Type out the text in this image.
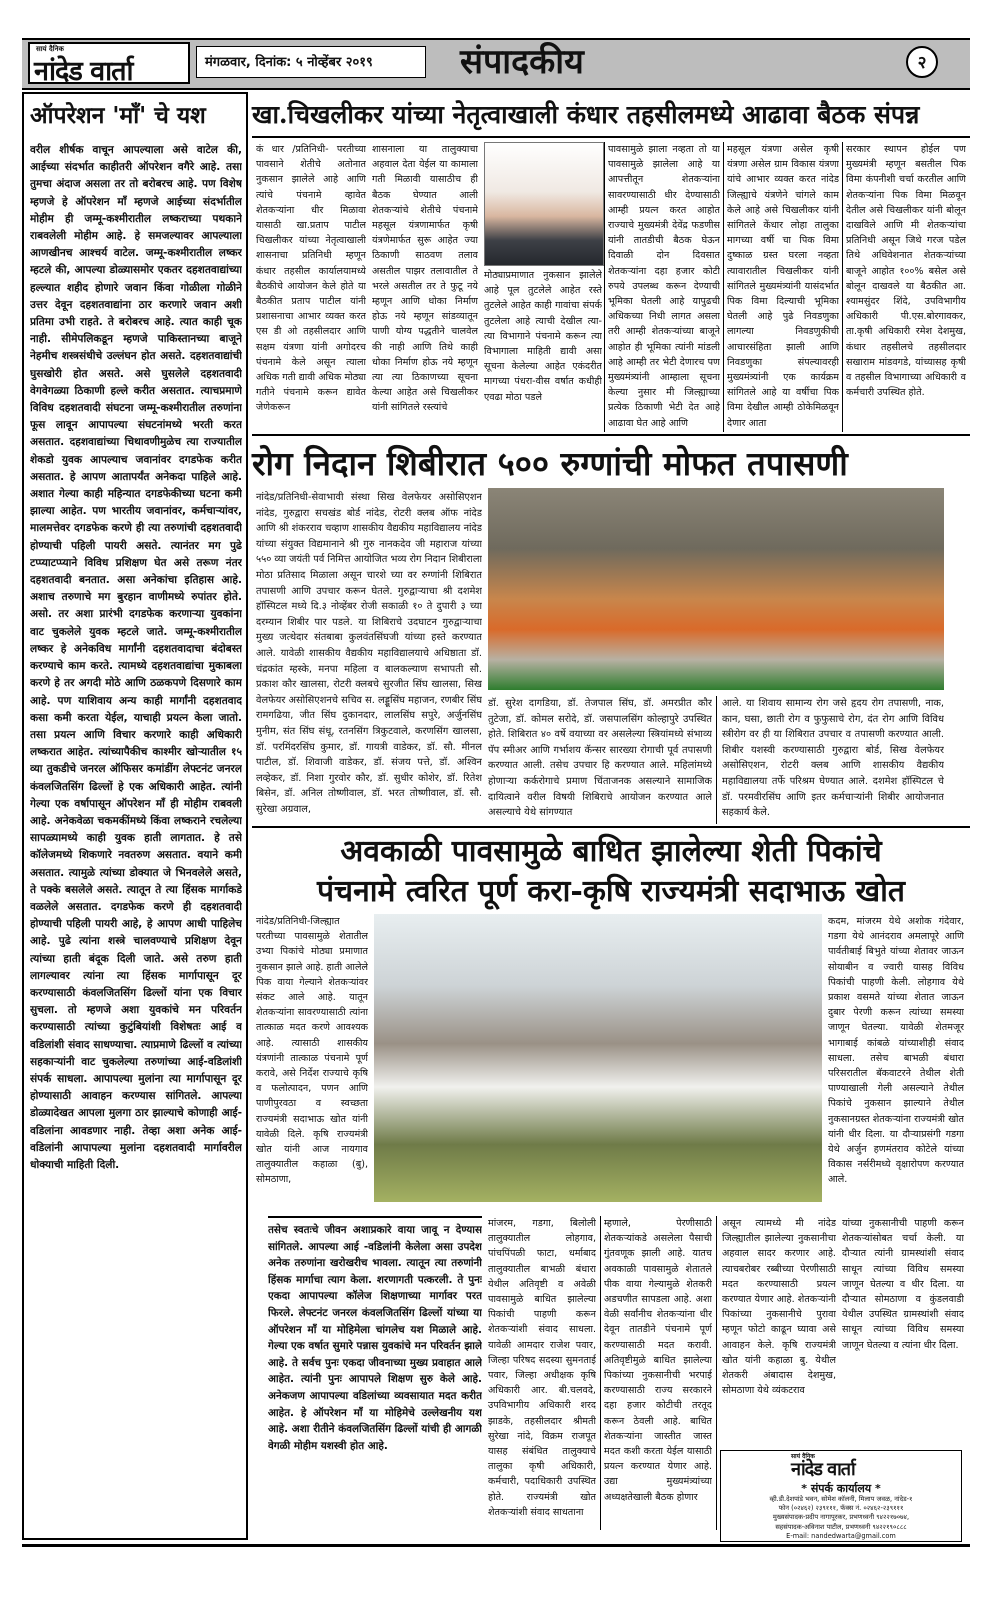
सायं दैनिक
नांदेड वार्ता	मंगळवार, दिनांक: ५ नोव्हेंबर २०१९	संपादकीय	२
ऑपरेशन 'माँ' चे यश
वरील शीर्षक वाचून आपल्याला असे वाटेल की, आईच्या संदर्भात काहीतरी ऑपरेशन वगैरे आहे. तसा तुमचा अंदाज असला तर तो बरोबरच आहे. पण विशेष म्हणजे हे ऑपरेशन माँ म्हणजे आईच्या संदर्भातील मोहीम ही जम्मू-कश्मीरातील लष्कराच्या पथकाने राबवलेली मोहीम आहे. हे समजल्यावर आपल्याला आणखीनच आश्चर्य वाटेल. जम्मू-कश्मीरातील लष्कर म्हटले की, आपल्या डोळ्यासमोर एकतर दहशतवाद्यांच्या हल्ल्यात शहीद होणारे जवान किंवा गोळीला गोळीने उत्तर देवून दहशतवाद्यांना ठार करणारे जवान अशी प्रतिमा उभी राहते. ते बरोबरच आहे. त्यात काही चूक नाही. सीमेपलिकडून म्हणजे पाकिस्तानच्या बाजूने नेहमीच शस्त्रसंधीचे उल्लंघन होत असते. दहशतवाद्यांची घुसखोरी होत असते. असे घुसलेले दहशतवादी वेगवेगळ्या ठिकाणी हल्ले करीत असतात. त्याचप्रमाणे विविध दहशतवादी संघटना जम्मू-कश्मीरातील तरुणांना फूस लावून आपापल्या संघटनांमध्ये भरती करत असतात. दहशवाद्यांच्या चिथावणीमुळेच त्या राज्यातील शेकडो युवक आपल्याच जवानांवर दगडफेक करीत असतात. हे आपण आतापर्यंत अनेकदा पाहिले आहे. अशात गेल्या काही महिन्यात दगडफेकीच्या घटना कमी झाल्या आहेत. पण भारतीय जवानांवर, कर्मचाऱ्यांवर, मालमत्तेवर दगडफेक करणे ही त्या तरुणांची दहशतवादी होण्याची पहिली पायरी असते. त्यानंतर मग पुढे टप्प्याटप्प्याने विविध प्रशिक्षण घेत असे तरूण नंतर दहशतवादी बनतात. असा अनेकांचा इतिहास आहे. अशाच तरुणाचे मग बुरहान वाणीमध्ये रुपांतर होते. असो. तर अशा प्रारंभी दगडफेक करणाऱ्या युवकांना वाट चुकलेले युवक म्हटले जाते. जम्मू-कश्मीरातील लष्कर हे अनेकविध मार्गांनी दहशतवादाचा बंदोबस्त करण्याचे काम करते. त्यामध्ये दहशतवाद्यांचा मुकाबला करणे हे तर अगदी मोठे आणि ठळकपणे दिसणारे काम आहे. पण याशिवाय अन्य काही मार्गांनी दहशतवाद कसा कमी करता येईल, याचाही प्रयत्न केला जातो. तसा प्रयत्न आणि विचार करणारे काही अधिकारी लष्करात आहेत. त्यांच्यापैकीच काश्मीर खोऱ्यातील १५ व्या तुकडीचे जनरल ऑफिसर कमांडींग लेफ्टनंट जनरल कंवलजितसिंग ढिल्लों हे एक अधिकारी आहेत. त्यांनी गेल्या एक वर्षापासून ऑपरेशन माँ ही मोहीम राबवली आहे. अनेकवेळा चकमकींमध्ये किंवा लष्कराने रचलेल्या सापळ्यामध्ये काही युवक हाती लागतात. हे तसे कॉलेजमध्ये शिकणारे नवतरुण असतात. वयाने कमी असतात. त्यामुळे त्यांच्या डोक्यात जे भिनवलेले असते, ते पक्के बसलेले असते. त्यातून ते त्या हिंसक मार्गाकडे वळलेले असतात. दगडफेक करणे ही दहशतवादी होण्याची पहिली पायरी आहे, हे आपण आधी पाहिलेच आहे. पुढे त्यांना शस्त्रे चालवण्याचे प्रशिक्षण देवून त्यांच्या हाती बंदूक दिली जाते. असे तरुण हाती लागल्यावर त्यांना त्या हिंसक मार्गापासून दूर करण्यासाठी कंवलजितसिंग ढिल्लों यांना एक विचार सुचला. तो म्हणजे अशा युवकांचे मन परिवर्तन करण्यासाठी त्यांच्या कुटुंबियांशी विशेषतः आई व वडिलांशी संवाद साधण्याचा. त्याप्रमाणे ढिल्लों व त्यांच्या सहकाऱ्यांनी वाट चुकलेल्या तरुणांच्या आई-वडिलांशी संपर्क साधला. आपापल्या मुलांना त्या मार्गापासून दूर होण्यासाठी आवाहन करण्यास सांगितले. आपल्या डोळ्यादेखत आपला मुलगा ठार झाल्याचे कोणाही आई-वडिलांना आवडणार नाही. तेव्हा अशा अनेक आई-वडिलांनी आपापल्या मुलांना दहशतवादी मार्गावरील धोक्याची माहिती दिली.
खा.चिखलीकर यांच्या नेतृत्वाखाली कंधार तहसीलमध्ये आढावा बैठक संपन्न
कं धार /प्रतिनिधी- परतीच्या पावसाने शेतीचे अतोनात नुकसान झालेले आहे आणि त्यांचे पंचनामे व्हावेत शेतकऱ्यांना धीर मिळावा यासाठी खा.प्रताप पाटील चिखलीकर यांच्या नेतृत्वाखाली शासनाचा प्रतिनिधी म्हणून कंधार तहसील कार्यालयामध्ये बैठकीचे आयोजन केले होते या बैठकीत प्रताप पाटील यांनी प्रशासनाचा आभार व्यक्त करत एस डी ओ तहसीलदार आणि सक्षम यंत्रणा यांनी अगोदरच पंचनामे केले असून त्याला अधिक गती द्यावी अधिक मोठ्या गतीने पंचनामे करून द्यावेत जेणेकरून
शासनाला या तालुक्याचा अहवाल देता येईल या कामाला गती मिळावी यासाठीच ही बैठक घेण्यात आली शेतकऱ्यांचे शेतीचे पंचनामे महसूल यंत्रणामार्फत कृषी यंत्रणेमार्फत सुरू आहेत ज्या ठिकाणी साठवण तलाव असतील पाझर तलावातील ते भरले असतील तर ते फुटू नये म्हणून आणि धोका निर्माण होऊ नये म्हणून सांडव्यातून पाणी योग्य पद्धतीने चालवेल की नाही आणि तिथे काही धोका निर्माण होऊ नये म्हणून त्या त्या ठिकाणच्या सूचना केल्या आहेत असे चिखलीकर यांनी सांगितले रस्त्यांचे
मोठ्याप्रमाणात नुकसान झालेले आहे पूल तुटलेले आहेत रस्ते तुटलेले आहेत काही गावांचा संपर्क तुटलेला आहे त्याची देखील त्या-त्या विभागाने पंचनामे करून त्या विभागाला माहिती द्यावी असा सूचना केलेल्या आहेत एकंदरीत मागच्या पंधरा-वीस वर्षात कधीही एवढा मोठा पडले
पावसामुळे झाला नव्हता तो या पावसामुळे झालेला आहे या आपत्तीतून शेतकऱ्यांना सावरण्यासाठी धीर देण्यासाठी आम्ही प्रयत्न करत आहोत राज्याचे मुख्यमंत्री देवेंद्र फडणीस यांनी तातडीची बैठक घेऊन दिवाळी दोन दिवसात शेतकऱ्यांना दहा हजार कोटी रुपये उपलब्ध करून देण्याची भूमिका घेतली आहे यापुढची अधिकच्या निधी लागत असला तरी आम्ही शेतकऱ्यांच्या बाजूने आहोत ही भूमिका त्यांनी मांडली आहे आम्ही तर भेटी देणारच पण मुख्यमंत्र्यांनी आम्हाला सूचना केल्या नुसार मी जिल्ह्याच्या प्रत्येक ठिकाणी भेटी देत आहे आढावा घेत आहे आणि
महसूल यंत्रणा असेल कृषी यंत्रणा असेल ग्राम विकास यंत्रणा यांचे आभार व्यक्त करत नांदेड जिल्ह्याचे यंत्रणेने चांगले काम केले आहे असे चिखलीकर यांनी सांगितले केंधार लोहा तालुका मागच्या वर्षी चा पिक विमा दुष्काळ ग्रस्त घरला नव्हता त्यावारातील चिखलीकर यांनी सांगितले मुख्यमंत्र्यांनी यासंदर्भात पिक विमा दिल्याची भूमिका घेतली आहे पुढे निवडणुका लागल्या निवडणुकीची आचारसंहिता झाली आणि निवडणुका संपल्यावरही मुख्यमंत्र्यांनी एक कार्यक्रम सांगितले आहे या वर्षीचा पिक विमा देखील आम्ही ठोकेमिळवून देणार आता
सरकार स्थापन होईल पण मुख्यमंत्री म्हणून बसतील पिक विमा कंपनीशी चर्चा करतील आणि शेतकऱ्यांना पिक विमा मिळवून देतील असे चिखलीकर यांनी बोलून दाखविले आणि मी शेतकऱ्यांचा प्रतिनिधी असून जिथे गरज पडेल तिथे अधिवेशनात शेतकऱ्यांच्या बाजूने आहोत १००% बसेल असे बोलून दाखवले या बैठकीत आ. श्यामसुंदर शिंदे, उपविभागीय अधिकारी पी.एस.बोरगावकर, ता.कृषी अधिकारी रमेश देशमुख, कंधार तहसीलचे तहसीलदार सखाराम मांडवगडे, यांच्यासह कृषी व तहसील विभागाच्या अधिकारी व कर्मचारी उपस्थित होते.
रोग निदान शिबीरात ५०० रुग्णांची मोफत तपासणी
नांदेड/प्रतिनिधी-सेवाभावी संस्था सिख वेलफेयर असोसिएशन नांदेड, गुरुद्वारा सचखंड बोर्ड नांदेड, रोटरी क्लब ऑफ नांदेड आणि श्री शंकरराव चव्हाण शासकीय वैद्यकीय महाविद्यालय नांदेड यांच्या संयुक्त विद्यमानाने श्री गुरु नानकदेव जी महाराज यांच्या ५५० व्या जयंती पर्व निमित्त आयोजित भव्य रोग निदान शिबीराला मोठा प्रतिसाद मिळाला असून चारशे च्या वर रुग्णांनी शिबिरात तपासणी आणि उपचार करून घेतले. गुरुद्वाऱ्याचा श्री दशमेश हॉस्पिटल मध्ये दि.३ नोव्हेंबर रोजी सकाळी १० ते दुपारी ३ च्या दरम्यान शिबीर पार पडले. या शिबिराचे उदघाटन गुरुद्वाऱ्याचा मुख्य जत्थेदार संतबाबा कुलवंतसिंघजी यांच्या हस्ते करण्यात आले. यावेळी शासकीय वैद्यकीय महाविद्यालयाचे अधिष्ठाता डॉ. चंद्रकांत म्हस्के, मनपा महिला व बालकल्याण सभापती सौ. प्रकाश कौर खालसा, रोटरी क्लबचे सुरजीत सिंघ खालसा, सिख वेलफेयर असोसिएशनचे सचिव स. लड्डूसिंघ महाजन, रणबीर सिंघ रामगढिया, जीत सिंघ दुकानदार, लालसिंघ सपुरे, अर्जुनसिंघ मुनीम, संत सिंघ संधू, रतनसिंग त्रिकुटवाले, करणसिंग खालसा, डॉ. परमिंदरसिंघ कुमार, डॉ. गायत्री वाडेकर, डॉ. सौ. मीनल पाटील, डॉ. शिवाजी वाडेकर, डॉ. संजय पत्ते, डॉ. अश्विन लव्हेकर, डॉ. निशा गुरवोर कौर, डॉ. सुधीर कोशेर, डॉ. रितेश बिसेन, डॉ. अनिल तोष्णीवाल, डॉ. भरत तोष्णीवाल, डॉ. सौ. सुरेखा अग्रवाल,
डॉ. सुरेश दागडिया, डॉ. तेजपाल सिंघ, डॉ. अमरप्रीत कौर तुटेजा, डॉ. कोमल सरोदे, डॉ. जसपालसिंग कोल्हापुरे उपस्थित होते. शिबिरात ४० वर्षे वयाच्या वर असलेल्या स्त्रियांमध्ये संभाव्य पॅप स्मीअर आणि गर्भाशय कॅन्सर सारख्या रोगाची पूर्व तपासणी करण्यात आली. तसेच उपचार हि करण्यात आले. महिलांमध्ये होणाऱ्या कर्करोगाचे प्रमाण चिंताजनक असल्याने सामाजिक दायित्वाने वरील विषयी शिबिराचे आयोजन करण्यात आले असल्याचे येथे सांगण्यात
आले. या शिवाय सामान्य रोग जसे हृदय रोग तपासणी, नाक, कान, घसा, छाती रोग व फुफुसाचे रोग, दंत रोग आणि विविध स्त्रीरोग वर ही या शिबिरात उपचार व तपासणी करण्यात आली. शिबीर यशस्वी करण्यासाठी गुरुद्वारा बोर्ड, सिख वेलफेयर असोसिएशन, रोटरी क्लब आणि शासकीय वैद्यकीय महाविद्यालया तर्फे परिश्रम घेण्यात आले. दशमेश हॉस्पिटल चे डॉ. परमवीरसिंघ आणि इतर कर्मचाऱ्यांनी शिबीर आयोजनात सहकार्य केले.
अवकाळी पावसामुळे बाधित झालेल्या शेती पिकांचे
पंचनामे त्वरित पूर्ण करा-कृषि राज्यमंत्री सदाभाऊ खोत
नांदेड/प्रतिनिधी-जिल्ह्यात परतीच्या पावसामुळे शेतातील उभ्या पिकांचे मोठ्या प्रमाणात नुकसान झाले आहे. हाती आलेले पिक वाया गेल्याने शेतकऱ्यांवर संकट आले आहे. यातून शेतकऱ्यांना सावरण्यासाठी त्यांना तात्काळ मदत करणे आवश्यक आहे. त्यासाठी शासकीय यंत्रणांनी तात्काळ पंचनामे पूर्ण करावे, असे निर्देश राज्याचे कृषि व फलोत्पादन, पणन आणि पाणीपुरवठा व स्वच्छता राज्यमंत्री सदाभाऊ खोत यांनी यावेळी दिले. कृषि राज्यमंत्री खोत यांनी आज नायगाव तालुक्यातील कहाळा (बु), सोमठाणा,
कदम, मांजरम येथे अशोक गंदेवार, गडगा येथे आनंदराव अमलापूरे आणि पार्वतीबाई बिभुते यांच्या शेतावर जाऊन सोयाबीन व ज्वारी यासह विविध पिकांची पाहणी केली. लोहगाव येथे प्रकाश वसमते यांच्या शेतात जाऊन दुबार पेरणी करून त्यांच्या समस्या जाणून घेतल्या. यावेळी शेतमजूर भागाबाई कांबळे यांच्याशीही संवाद साधला. तसेच बाभळी बंधारा परिसरातील बॅकवाटरने तेथील शेती पाण्याखाली गेली असल्याने तेथील पिकांचे नुकसान झाल्याने तेथील नुकसानग्रस्त शेतकऱ्यांना राज्यमंत्री खोत यांनी धीर दिला. या दौऱ्याप्रसंगी गडगा येथे अर्जुन हणमंतराव कोटेले यांच्या विकास नर्सरीमध्ये वृक्षारोपण करण्यात आले.
तसेच स्वतःचे जीवन अशाप्रकारे वाया जावू न देण्यास सांगितले. आपल्या आई -वडिलांनी केलेला असा उपदेश अनेक तरुणांना खरोखरीच भावला. त्यातून त्या तरुणांनी हिंसक मार्गाचा त्याग केला. शरणागती पत्करली. ते पुनः एकदा आपापल्या कॉलेज शिक्षणाच्या मार्गावर परत फिरले. लेफ्टनंट जनरल कंवलजितसिंग ढिल्लों यांच्या या ऑपरेशन माँ या मोहिमेला चांगलेच यश मिळाले आहे. गेल्या एक वर्षात सुमारे पन्नास युवकांचे मन परिवर्तन झाले आहे. ते सर्वच पुनः एकदा जीवनाच्या मुख्य प्रवाहात आले आहेत. त्यांनी पुनः आपापले शिक्षण सुरु केले आहे. अनेकजण आपापल्या वडिलांच्या व्यवसायात मदत करीत आहेत. हे ऑपरेशन माँ या मोहिमेचे उल्लेखनीय यश आहे. अशा रीतीने कंवलजितसिंग ढिल्लों यांची ही आगळी वेगळी मोहीम यशस्वी होत आहे.
मांजरम, गडगा, बिलोली तालुक्यातील लोहगाव, पांचपिंपळी फाटा, धर्माबाद तालुक्यातील बाभळी बंधारा येथील अतिवृष्टी व अवेळी पावसामुळे बाधित झालेल्या पिकांची पाहणी करून शेतकऱ्यांशी संवाद साधला. यावेळी आमदार राजेश पवार, जिल्हा परिषद सदस्या सुमनताई पवार, जिल्हा अधीक्षक कृषि अधिकारी आर. बी.चलवदे, उपविभागीय अधिकारी शरद झाडके, तहसीलदार श्रीमती सुरेखा नांदे, विक्रम राजपूत यासह संबंधित तालुक्याचे तालुका कृषी अधिकारी, कर्मचारी, पदाधिकारी उपस्थित होते. राज्यमंत्री खोत शेतकऱ्यांशी संवाद साधताना
म्हणाले, पेरणीसाठी शेतकऱ्यांकडे असलेला पैसाची गुंतवणूक झाली आहे. यातच अवकाळी पावसामुळे शेतातले पीक वाया गेल्यामुळे शेतकरी अडचणीत सापडला आहे. अशा वेळी सर्वांनीच शेतकऱ्यांना धीर देवून तातडीने पंचनामे पूर्ण करण्यासाठी मदत करावी. अतिवृष्टीमुळे बाधित झालेल्या पिकांच्या नुकसानीची भरपाई करण्यासाठी राज्य सरकारने दहा हजार कोटीची तरतूद करून ठेवली आहे. बाधित शेतकऱ्यांना जास्तीत जास्त मदत कशी करता येईल यासाठी प्रयत्न करण्यात येणार आहे. उद्या मुख्यमंत्र्यांच्या अध्यक्षतेखाली बैठक होणार
असून त्यामध्ये मी नांदेड जिल्ह्यातील झालेल्या नुकसानीचा अहवाल सादर करणार आहे. त्याचबरोबर रब्बीच्या पेरणीसाठी मदत करण्यासाठी प्रयत्न करण्यात येणार आहे. शेतकऱ्यांनी पिकांच्या नुकसानीचे पुरावा म्हणून फोटो काढून घ्यावा असे आवाहन केले. कृषि राज्यमंत्री खोत यांनी कहाळा बु. येथील शेतकरी अंबादास देशमुख, सोमठाणा येथे व्यंकटराव
यांच्या नुकसानीची पाहणी करून शेतकऱ्यांसोबत चर्चा केली. या दौऱ्यात त्यांनी ग्रामस्थांशी संवाद साधून त्यांच्या विविध समस्या जाणून घेतल्या व धीर दिला. या दौऱ्यात सोमठाणा व कुंडलवाडी येथील उपस्थित ग्रामस्थांशी संवाद साधून त्यांच्या विविध समस्या जाणून घेतल्या व त्यांना धीर दिला.
सायं दैनिक
नांदेड वार्ता
* संपर्क कार्यालय *
व्ही.डी.देशपांडे भवन, सोमेश कॉलनी, मिलाप जवळ, नांदेड-१
फोन (०२४६२) २३९१११, फॅक्स नं. ०२४६२-२३९१११
मुख्यसंपादक-प्रदीप नागापूरकर, प्रभणध्वनी ९४२२१७०७४,
सहसंपादक-अविनाश पाटील, प्रभणध्वनी ९४२२१९०८८८
E-mail: nandedwarta@gmail.com
